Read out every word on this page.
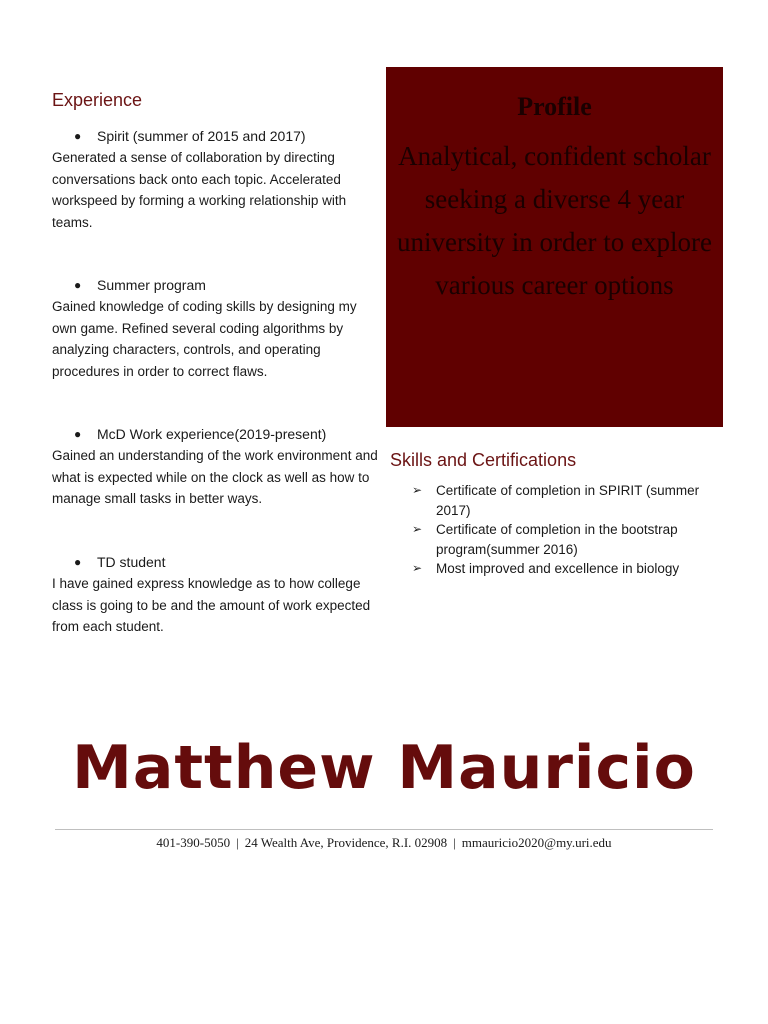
Experience
● Spirit (summer of 2015 and 2017)
Generated a sense of collaboration by directing conversations back onto each topic. Accelerated workspeed by forming a working relationship with teams.
● Summer program
Gained knowledge of coding skills by designing my own game. Refined several coding algorithms by analyzing characters, controls, and operating procedures in order to correct flaws.
● McD Work experience(2019-present)
Gained an understanding of the work environment and what is expected while on the clock as well as how to manage small tasks in better ways.
● TD student
I have gained express knowledge as to how college class is going to be and the amount of work expected from each student.
Profile
Analytical, confident scholar seeking a diverse 4 year university in order to explore various career options
Skills and Certifications
➢ Certificate of completion in SPIRIT (summer 2017)
➢ Certificate of completion in the bootstrap program(summer 2016)
➢ Most improved and excellence in biology
Matthew Mauricio
401-390-5050 | 24 Wealth Ave, Providence, R.I. 02908 | mmauricio2020@my.uri.edu
